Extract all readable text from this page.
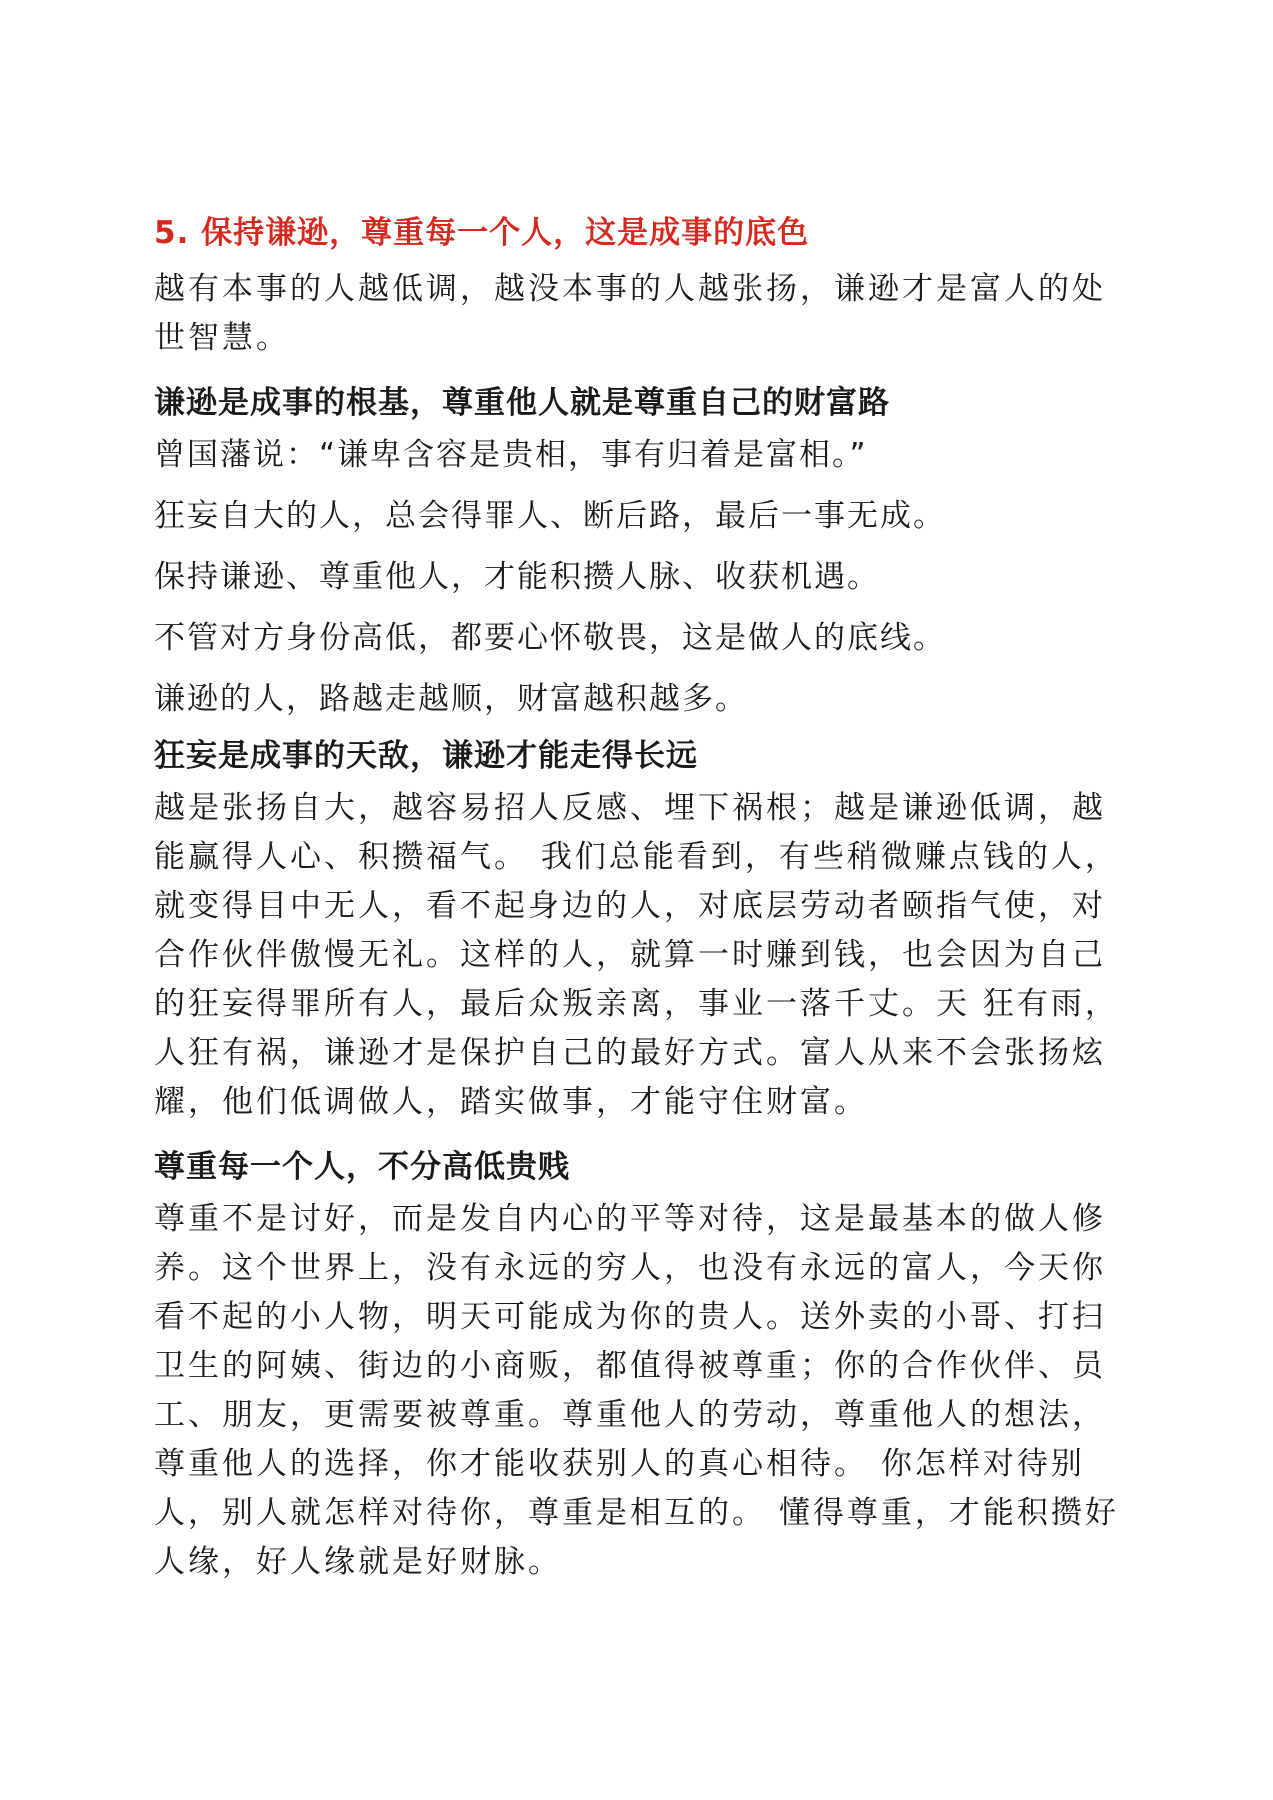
5. 保持谦逊，尊重每一个人，这是成事的底色
越有本事的人越低调，越没本事的人越张扬，谦逊才是富人的处世智慧。
谦逊是成事的根基，尊重他人就是尊重自己的财富路
曾国藩说：“谦卑含容是贵相，事有归着是富相。”
狂妄自大的人，总会得罪人、断后路，最后一事无成。
保持谦逊、尊重他人，才能积攒人脉、收获机遇。
不管对方身份高低，都要心怀敬畏，这是做人的底线。
谦逊的人，路越走越顺，财富越积越多。
狂妄是成事的天敌，谦逊才能走得长远
越是张扬自大，越容易招人反感、埋下祸根；越是谦逊低调，越能赢得人心、积攒福气。 我们总能看到，有些稍微赚点钱的人，就变得目中无人，看不起身边的人，对底层劳动者颐指气使，对合作伙伴傲慢无礼。这样的人，就算一时赚到钱，也会因为自己的狂妄得罪所有人，最后众叛亲离，事业一落千丈。天 狂有雨，人狂有祸，谦逊才是保护自己的最好方式。富人从来不会张扬炫耀，他们低调做人，踏实做事，才能守住财富。
尊重每一个人，不分高低贵贱
尊重不是讨好，而是发自内心的平等对待，这是最基本的做人修养。这个世界上，没有永远的穷人，也没有永远的富人，今天你看不起的小人物，明天可能成为你的贵人。送外卖的小哥、打扫卫生的阿姨、街边的小商贩，都值得被尊重；你的合作伙伴、员工、朋友，更需要被尊重。尊重他人的劳动，尊重他人的想法，尊重他人的选择，你才能收获别人的真心相待。 你怎样对待别人，别人就怎样对待你，尊重是相互的。 懂得尊重，才能积攒好人缘，好人缘就是好财脉。
